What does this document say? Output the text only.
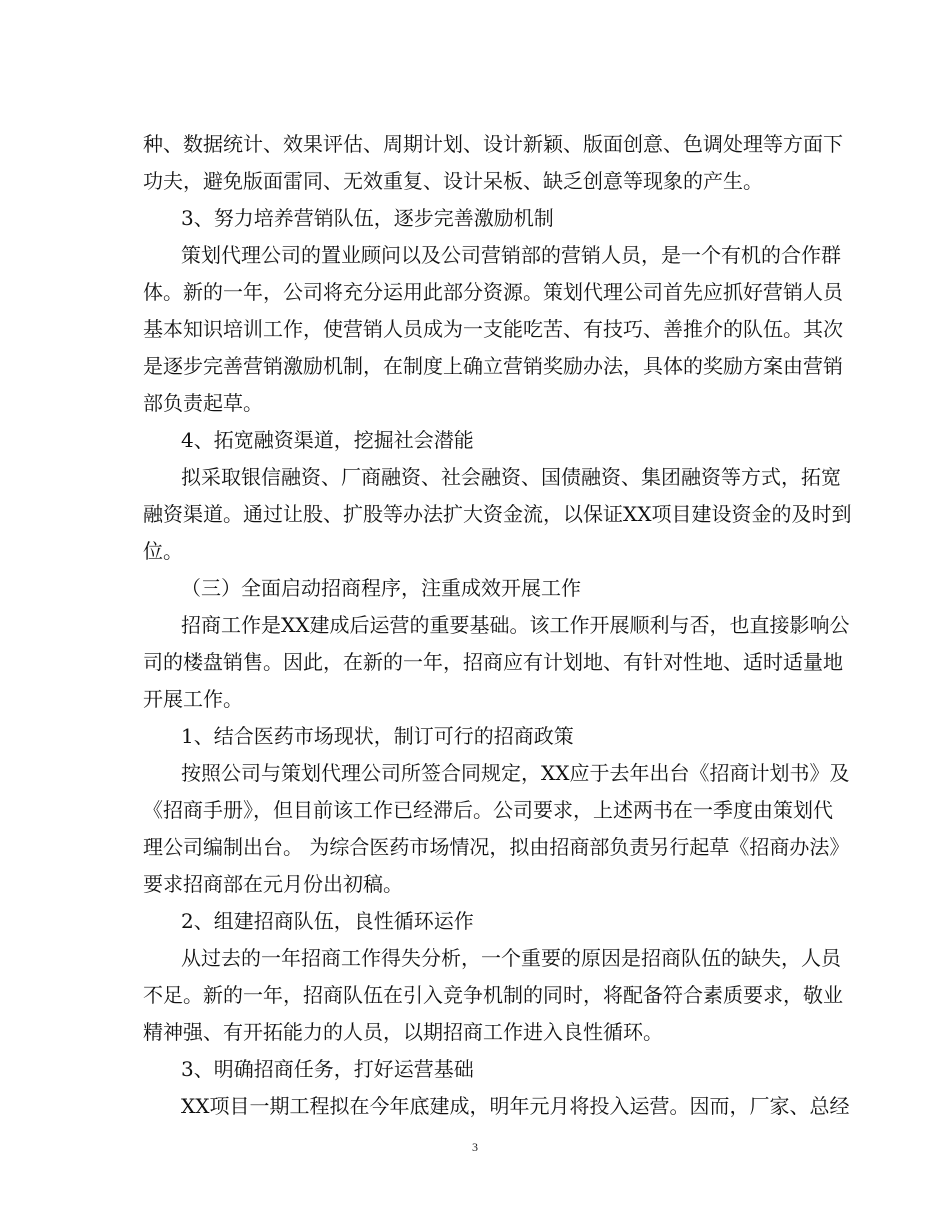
种、数据统计、效果评估、周期计划、设计新颖、版面创意、色调处理等方面下

功夫，避免版面雷同、无效重复、设计呆板、缺乏创意等现象的产生。

3、努力培养营销队伍，逐步完善激励机制

策划代理公司的置业顾问以及公司营销部的营销人员，是一个有机的合作群

体。新的一年，公司将充分运用此部分资源。策划代理公司首先应抓好营销人员

基本知识培训工作，使营销人员成为一支能吃苦、有技巧、善推介的队伍。其次

是逐步完善营销激励机制，在制度上确立营销奖励办法，具体的奖励方案由营销

部负责起草。

4、拓宽融资渠道，挖掘社会潜能

拟采取银信融资、厂商融资、社会融资、国债融资、集团融资等方式，拓宽

融资渠道。通过让股、扩股等办法扩大资金流，以保证XX项目建设资金的及时到

位。

（三）全面启动招商程序，注重成效开展工作

招商工作是XX建成后运营的重要基础。该工作开展顺利与否，也直接影响公

司的楼盘销售。因此，在新的一年，招商应有计划地、有针对性地、适时适量地

开展工作。

1、结合医药市场现状，制订可行的招商政策

按照公司与策划代理公司所签合同规定，XX应于去年出台《招商计划书》及

《招商手册》，但目前该工作已经滞后。公司要求，上述两书在一季度由策划代

理公司编制出台。 为综合医药市场情况，拟由招商部负责另行起草《招商办法》

要求招商部在元月份出初稿。

2、组建招商队伍，良性循环运作

从过去的一年招商工作得失分析，一个重要的原因是招商队伍的缺失，人员

不足。新的一年，招商队伍在引入竞争机制的同时，将配备符合素质要求，敬业

精神强、有开拓能力的人员，以期招商工作进入良性循环。

3、明确招商任务，打好运营基础

XX项目一期工程拟在今年底建成，明年元月将投入运营。因而，厂家、总经

3
